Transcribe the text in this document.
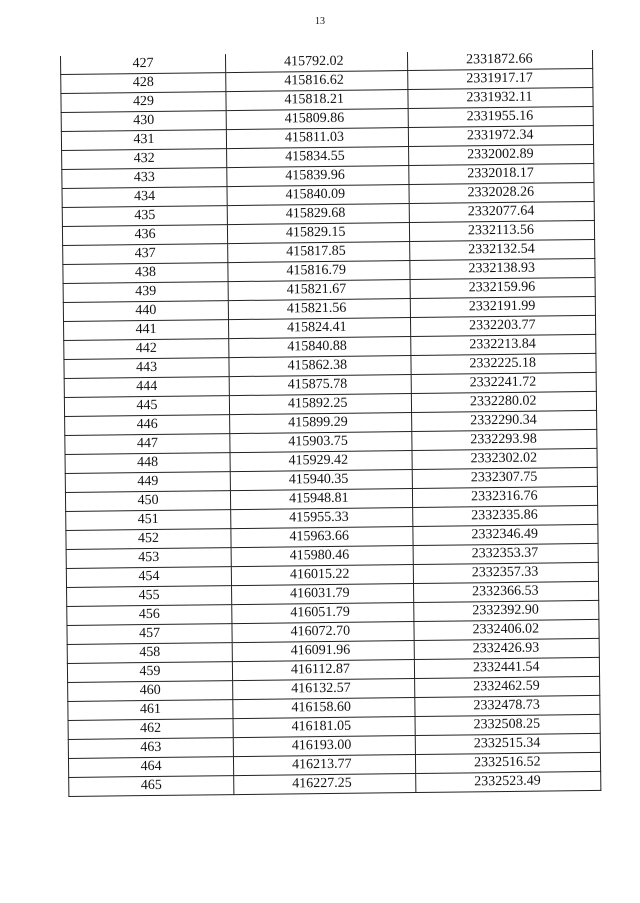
13
427	415792.02	2331872.66
428	415816.62	2331917.17
429	415818.21	2331932.11
430	415809.86	2331955.16
431	415811.03	2331972.34
432	415834.55	2332002.89
433	415839.96	2332018.17
434	415840.09	2332028.26
435	415829.68	2332077.64
436	415829.15	2332113.56
437	415817.85	2332132.54
438	415816.79	2332138.93
439	415821.67	2332159.96
440	415821.56	2332191.99
441	415824.41	2332203.77
442	415840.88	2332213.84
443	415862.38	2332225.18
444	415875.78	2332241.72
445	415892.25	2332280.02
446	415899.29	2332290.34
447	415903.75	2332293.98
448	415929.42	2332302.02
449	415940.35	2332307.75
450	415948.81	2332316.76
451	415955.33	2332335.86
452	415963.66	2332346.49
453	415980.46	2332353.37
454	416015.22	2332357.33
455	416031.79	2332366.53
456	416051.79	2332392.90
457	416072.70	2332406.02
458	416091.96	2332426.93
459	416112.87	2332441.54
460	416132.57	2332462.59
461	416158.60	2332478.73
462	416181.05	2332508.25
463	416193.00	2332515.34
464	416213.77	2332516.52
465	416227.25	2332523.49
